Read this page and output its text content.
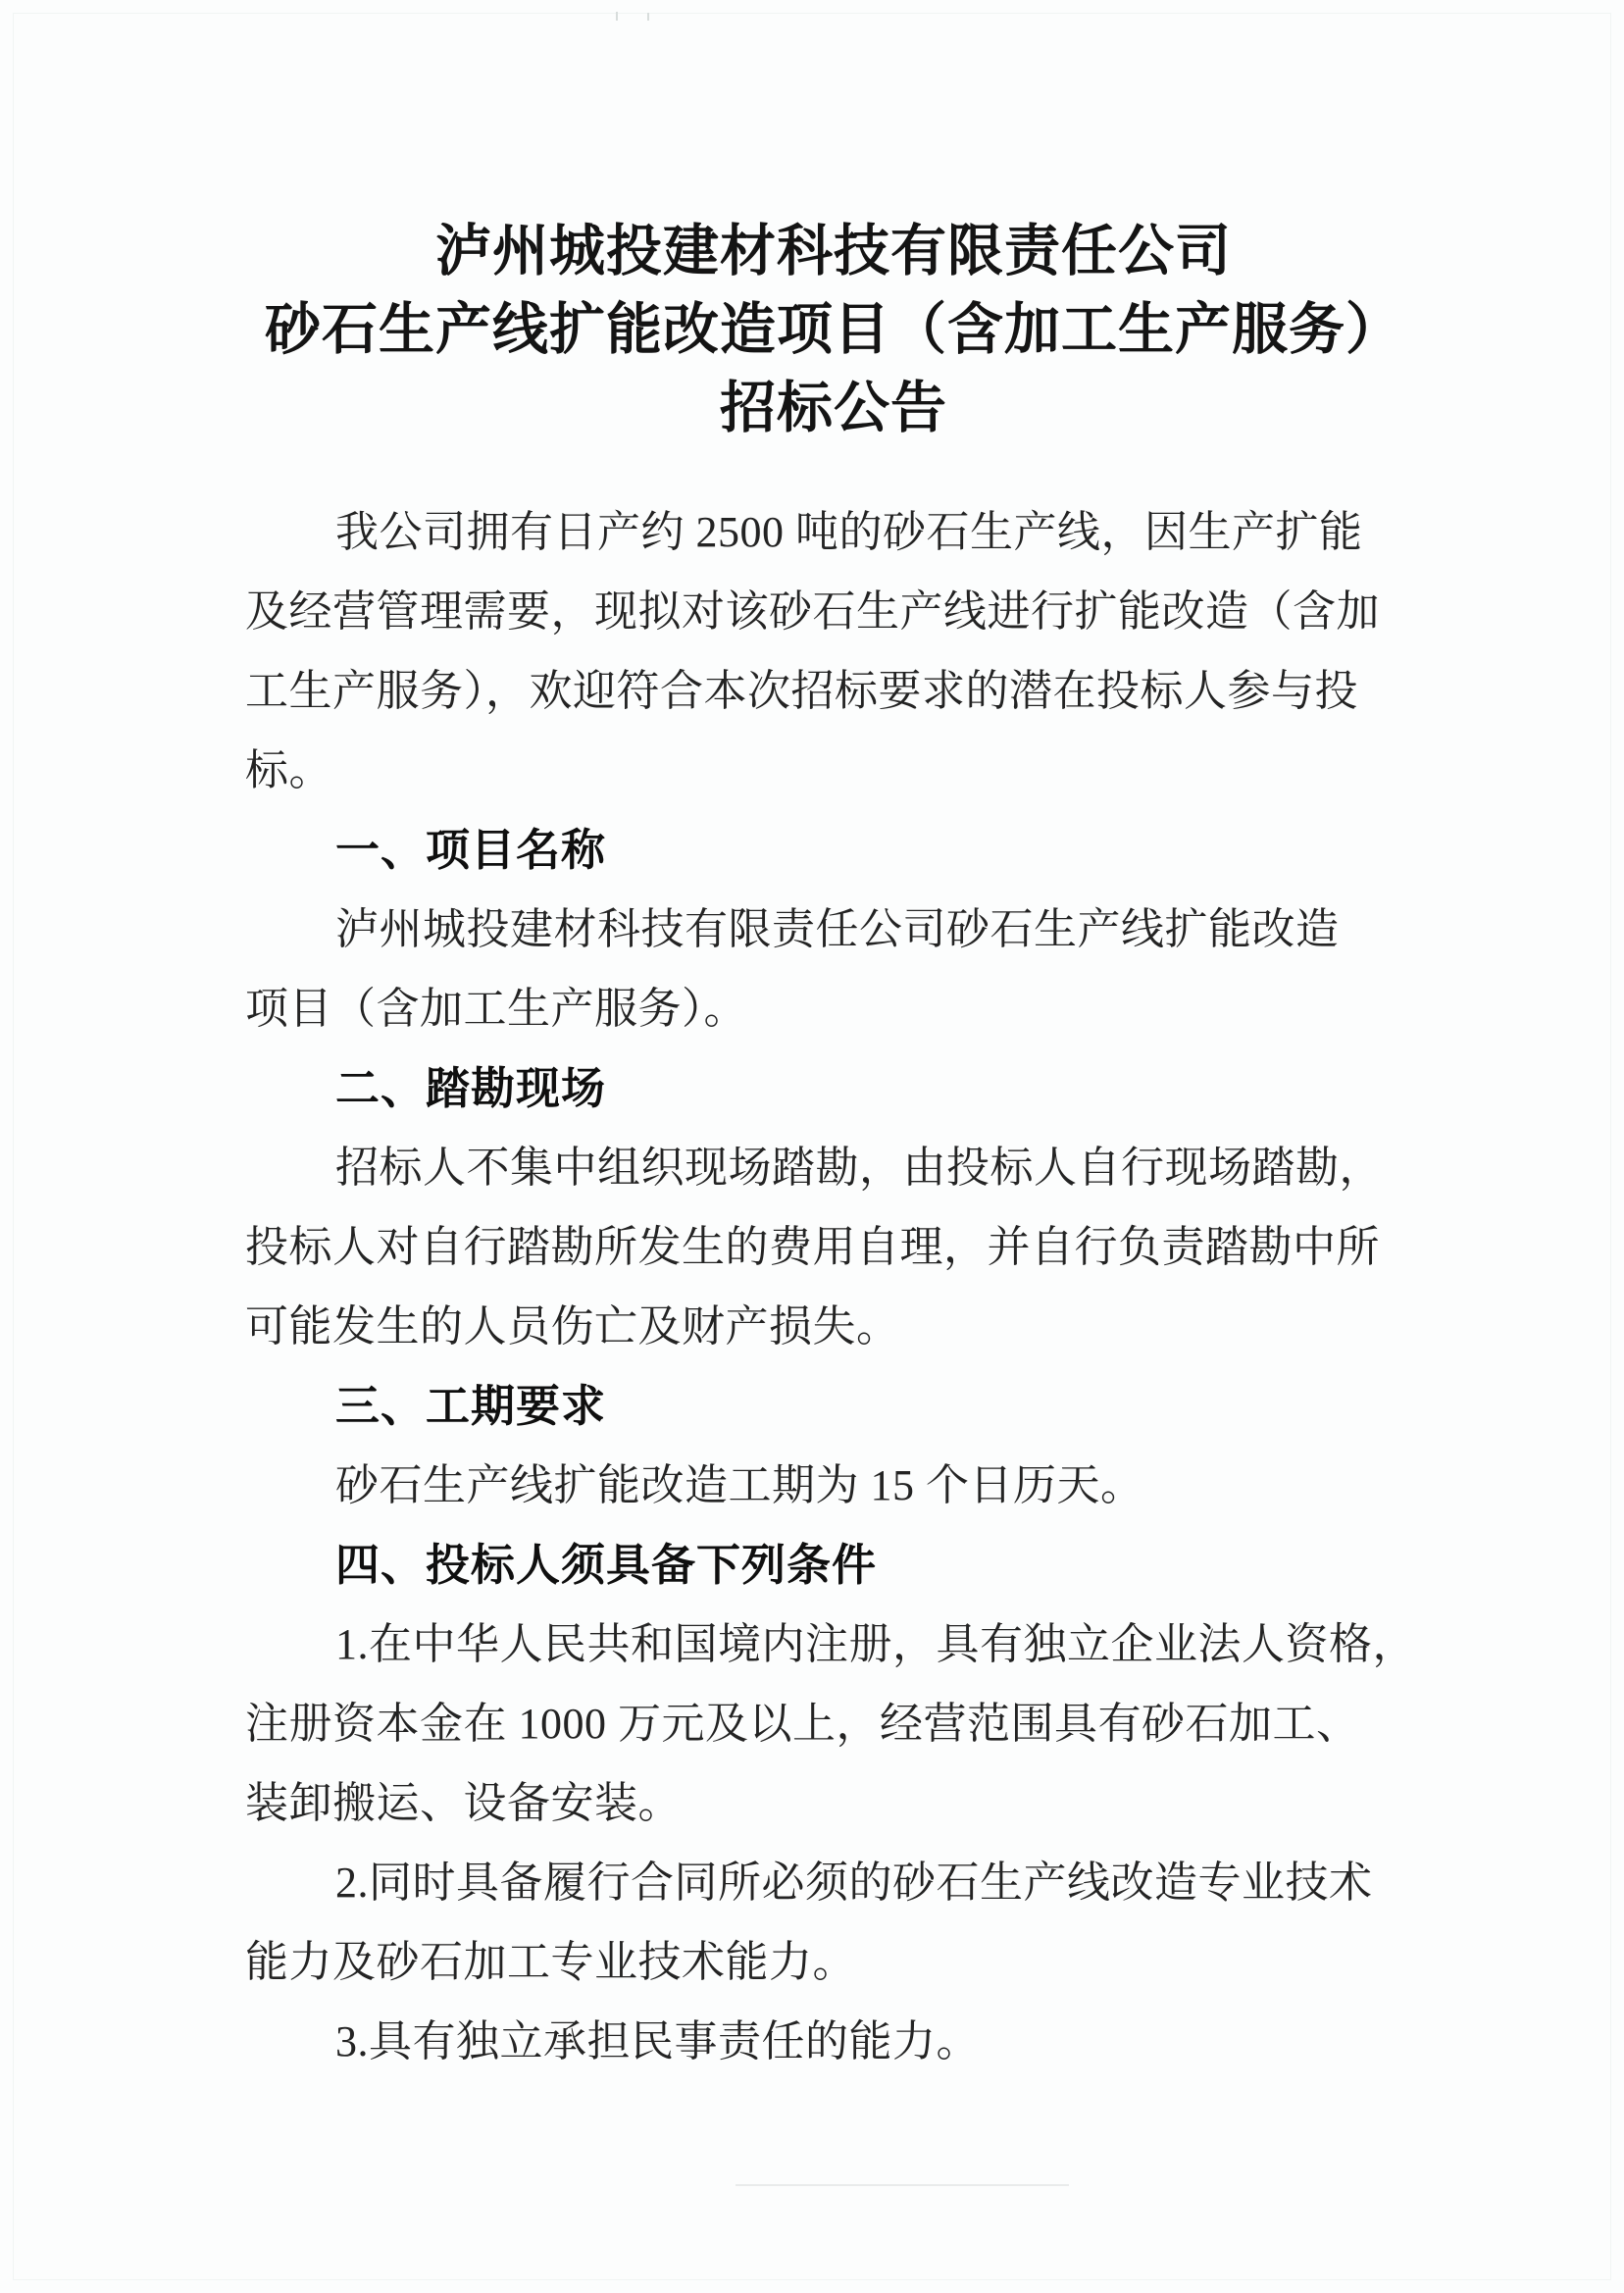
泸州城投建材科技有限责任公司
砂石生产线扩能改造项目（含加工生产服务）
招标公告
我公司拥有日产约 2500 吨的砂石生产线，因生产扩能
及经营管理需要，现拟对该砂石生产线进行扩能改造（含加
工生产服务），欢迎符合本次招标要求的潜在投标人参与投
标。
一、项目名称
泸州城投建材科技有限责任公司砂石生产线扩能改造
项目（含加工生产服务）。
二、踏勘现场
招标人不集中组织现场踏勘，由投标人自行现场踏勘，
投标人对自行踏勘所发生的费用自理，并自行负责踏勘中所
可能发生的人员伤亡及财产损失。
三、工期要求
砂石生产线扩能改造工期为 15 个日历天。
四、投标人须具备下列条件
1.在中华人民共和国境内注册，具有独立企业法人资格，
注册资本金在 1000 万元及以上，经营范围具有砂石加工、
装卸搬运、设备安装。
2.同时具备履行合同所必须的砂石生产线改造专业技术
能力及砂石加工专业技术能力。
3.具有独立承担民事责任的能力。
